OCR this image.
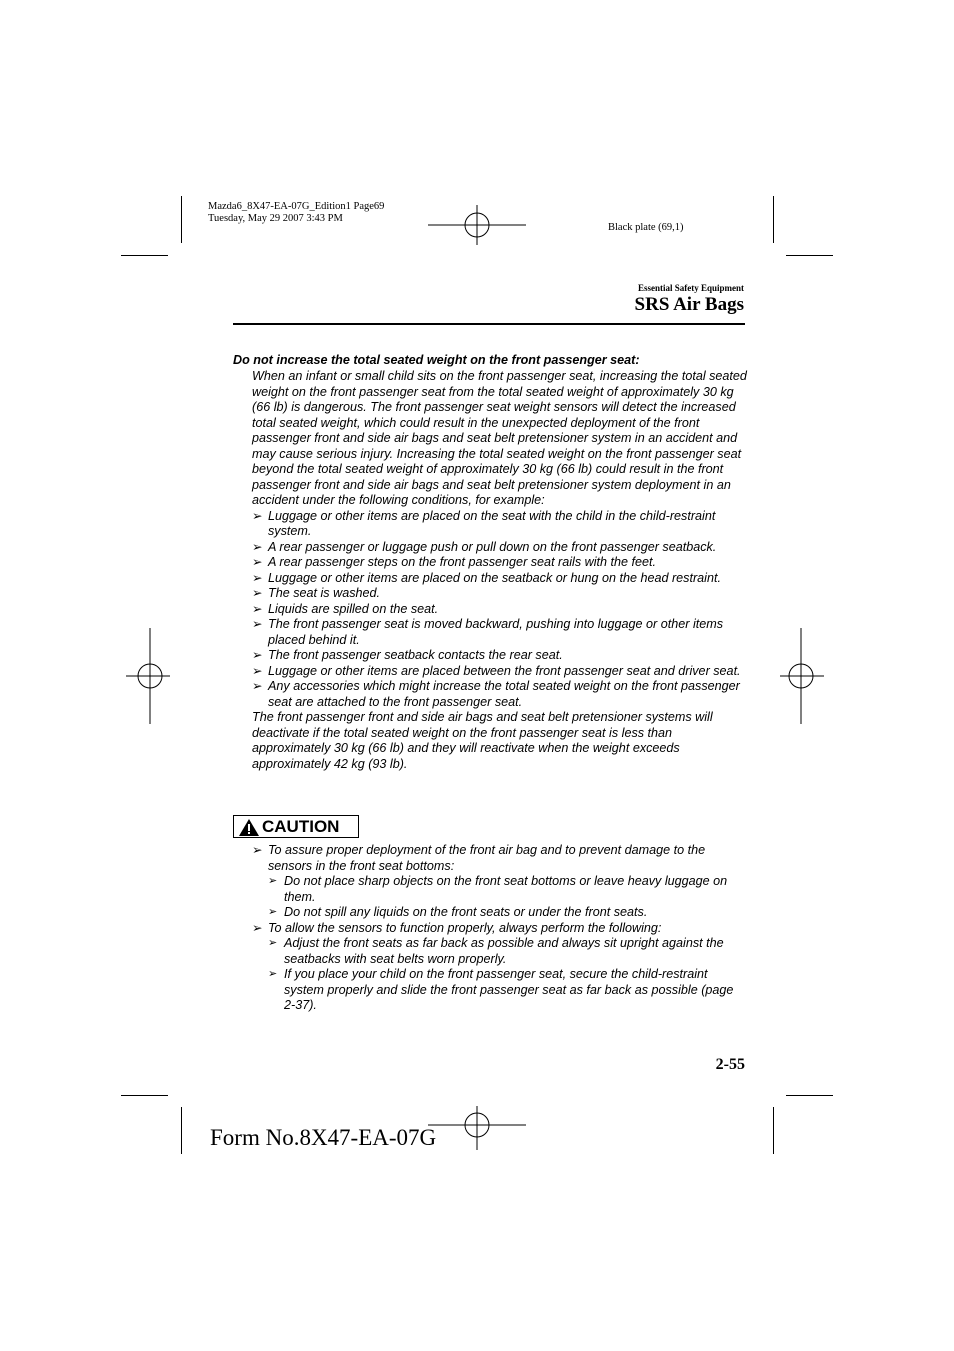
Mazda6_8X47-EA-07G_Edition1 Page69
Tuesday, May 29 2007 3:43 PM
Black plate (69,1)
Essential Safety Equipment
SRS Air Bags
Do not increase the total seated weight on the front passenger seat:
When an infant or small child sits on the front passenger seat, increasing the total seated weight on the front passenger seat from the total seated weight of approximately 30 kg (66 lb) is dangerous. The front passenger seat weight sensors will detect the increased total seated weight, which could result in the unexpected deployment of the front passenger front and side air bags and seat belt pretensioner system in an accident and may cause serious injury. Increasing the total seated weight on the front passenger seat beyond the total seated weight of approximately 30 kg (66 lb) could result in the front passenger front and side air bags and seat belt pretensioner system deployment in an accident under the following conditions, for example:
➢ Luggage or other items are placed on the seat with the child in the child-restraint system.
➢ A rear passenger or luggage push or pull down on the front passenger seatback.
➢ A rear passenger steps on the front passenger seat rails with the feet.
➢ Luggage or other items are placed on the seatback or hung on the head restraint.
➢ The seat is washed.
➢ Liquids are spilled on the seat.
➢ The front passenger seat is moved backward, pushing into luggage or other items placed behind it.
➢ The front passenger seatback contacts the rear seat.
➢ Luggage or other items are placed between the front passenger seat and driver seat.
➢ Any accessories which might increase the total seated weight on the front passenger seat are attached to the front passenger seat.
The front passenger front and side air bags and seat belt pretensioner systems will deactivate if the total seated weight on the front passenger seat is less than approximately 30 kg (66 lb) and they will reactivate when the weight exceeds approximately 42 kg (93 lb).
CAUTION
➢ To assure proper deployment of the front air bag and to prevent damage to the sensors in the front seat bottoms:
➢ Do not place sharp objects on the front seat bottoms or leave heavy luggage on them.
➢ Do not spill any liquids on the front seats or under the front seats.
➢ To allow the sensors to function properly, always perform the following:
➢ Adjust the front seats as far back as possible and always sit upright against the seatbacks with seat belts worn properly.
➢ If you place your child on the front passenger seat, secure the child-restraint system properly and slide the front passenger seat as far back as possible (page 2-37).
2-55
Form No.8X47-EA-07G
